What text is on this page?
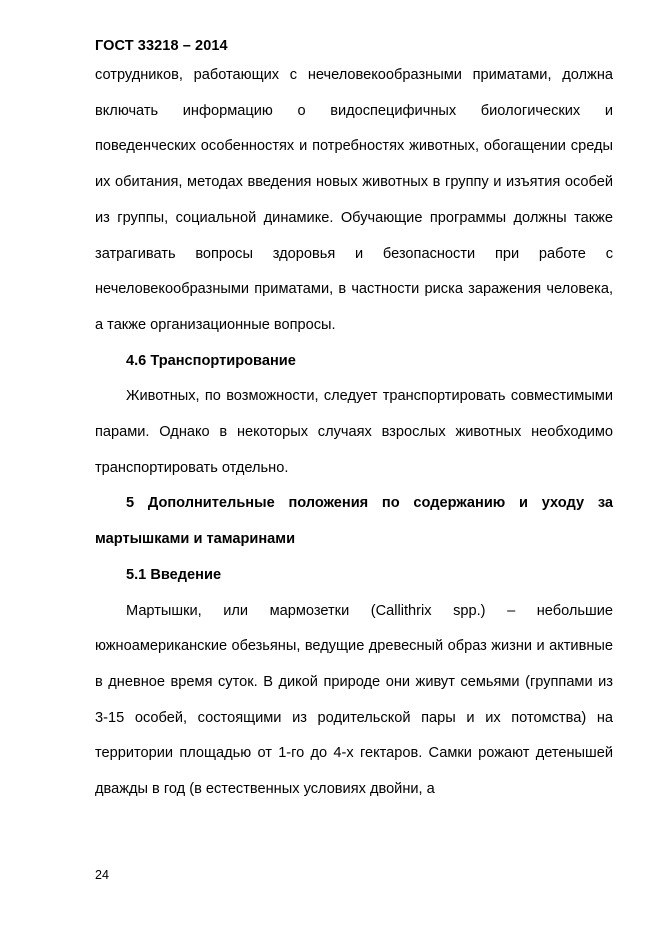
ГОСТ 33218 – 2014

сотрудников, работающих с нечеловекообразными приматами, должна включать информацию о видоспецифичных биологических и поведенческих особенностях и потребностях животных, обогащении среды их обитания, методах введения новых животных в группу и изъятия особей из группы, социальной динамике. Обучающие программы должны также затрагивать вопросы здоровья и безопасности при работе с нечеловекообразными приматами, в частности риска заражения человека, а также организационные вопросы.

4.6 Транспортирование

Животных, по возможности, следует транспортировать совместимыми парами. Однако в некоторых случаях взрослых животных необходимо транспортировать отдельно.

5 Дополнительные положения по содержанию и уходу за мартышками и тамаринами

5.1 Введение

Мартышки, или мармозетки (Callithrix spp.) – небольшие южноамериканские обезьяны, ведущие древесный образ жизни и активные в дневное время суток. В дикой природе они живут семьями (группами из 3-15 особей, состоящими из родительской пары и их потомства) на территории площадью от 1-го до 4-х гектаров. Самки рожают детенышей дважды в год (в естественных условиях двойни, а

24
